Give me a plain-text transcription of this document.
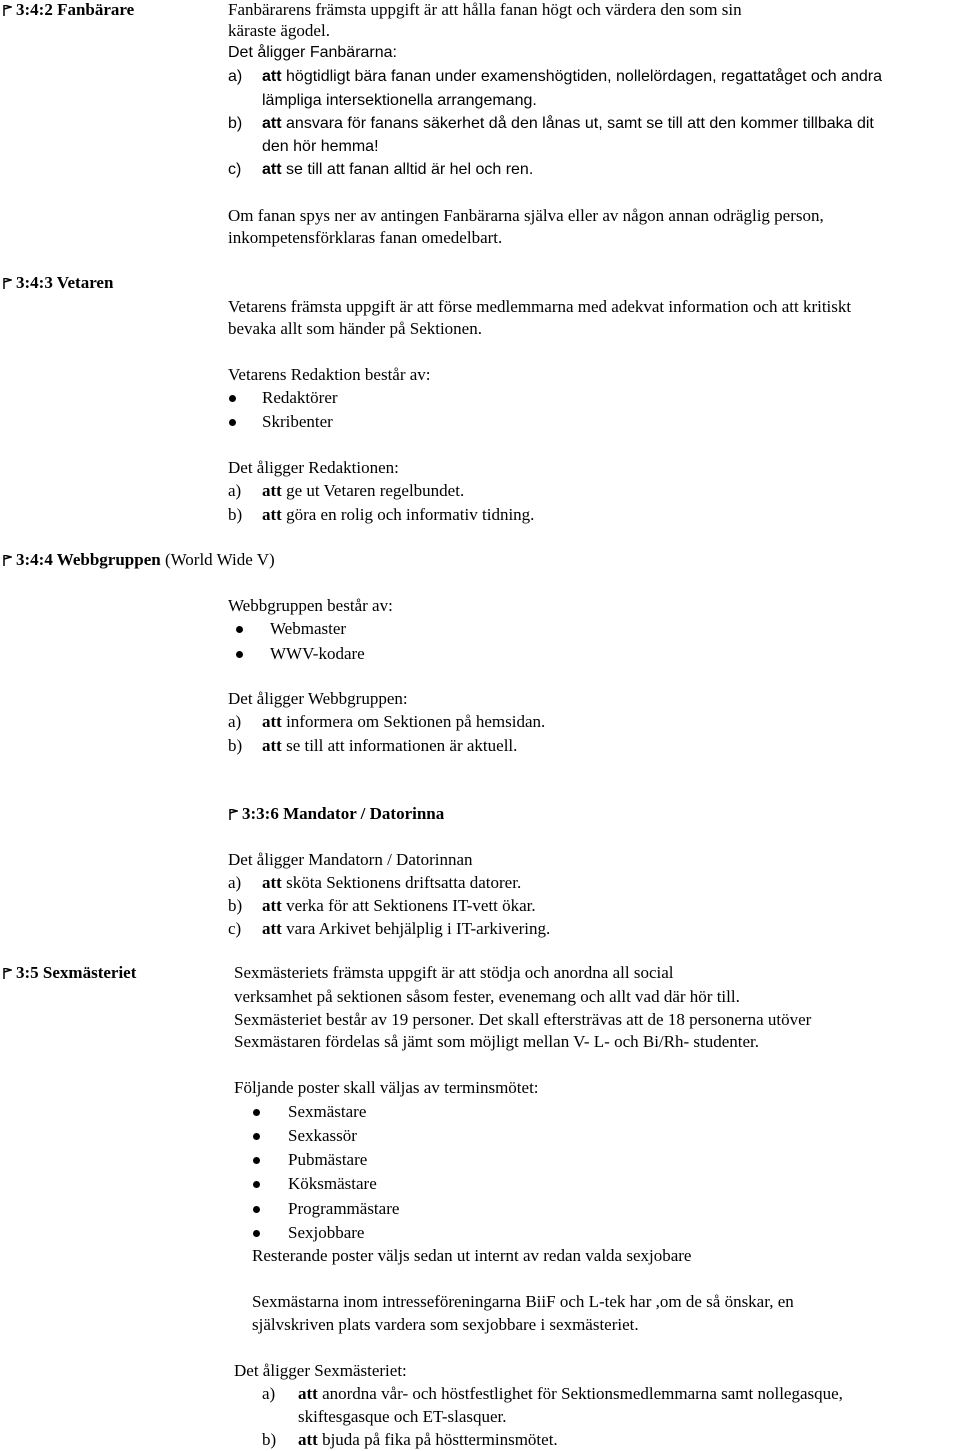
3:4:2 Fanbärare	Fanbärarens främsta uppgift är att hålla fanan högt och värdera den som sin
käraste ägodel.
Det åligger Fanbärarna:
a) att högtidligt bära fanan under examenshögtiden, nollelördagen, regattatåget och andra
lämpliga intersektionella arrangemang.
b) att ansvara för fanans säkerhet då den lånas ut, samt se till att den kommer tillbaka dit
den hör hemma!
c) att se till att fanan alltid är hel och ren.
Om fanan spys ner av antingen Fanbärarna själva eller av någon annan odräglig person,
inkompetensförklaras fanan omedelbart.
3:4:3 Vetaren
Vetarens främsta uppgift är att förse medlemmarna med adekvat information och att kritiskt
bevaka allt som händer på Sektionen.
Vetarens Redaktion består av:
Redaktörer
Skribenter
Det åligger Redaktionen:
a) att ge ut Vetaren regelbundet.
b) att göra en rolig och informativ tidning.
3:4:4 Webbgruppen (World Wide V)
Webbgruppen består av:
Webmaster
WWV-kodare
Det åligger Webbgruppen:
a) att informera om Sektionen på hemsidan.
b) att se till att informationen är aktuell.
3:3:6 Mandator / Datorinna
Det åligger Mandatorn / Datorinnan
a) att sköta Sektionens driftsatta datorer.
b) att verka för att Sektionens IT-vett ökar.
c) att vara Arkivet behjälplig i IT-arkivering.
3:5 Sexmästeriet	Sexmästeriets främsta uppgift är att stödja och anordna all social
verksamhet på sektionen såsom fester, evenemang och allt vad där hör till.
Sexmästeriet består av 19 personer. Det skall eftersträvas att de 18 personerna utöver
Sexmästaren fördelas så jämt som möjligt mellan V- L- och Bi/Rh- studenter.
Följande poster skall väljas av terminsmötet:
Sexmästare
Sexkassör
Pubmästare
Köksmästare
Programmästare
Sexjobbare
Resterande poster väljs sedan ut internt av redan valda sexjobare
Sexmästarna inom intresseföreningarna BiiF och L-tek har ,om de så önskar, en
självskriven plats vardera som sexjobbare i sexmästeriet.
Det åligger Sexmästeriet:
a) att anordna vår- och höstfestlighet för Sektionsmedlemmarna samt nollegasque,
skiftesgasque och ET-slasquer.
b) att bjuda på fika på höstterminsmötet.
